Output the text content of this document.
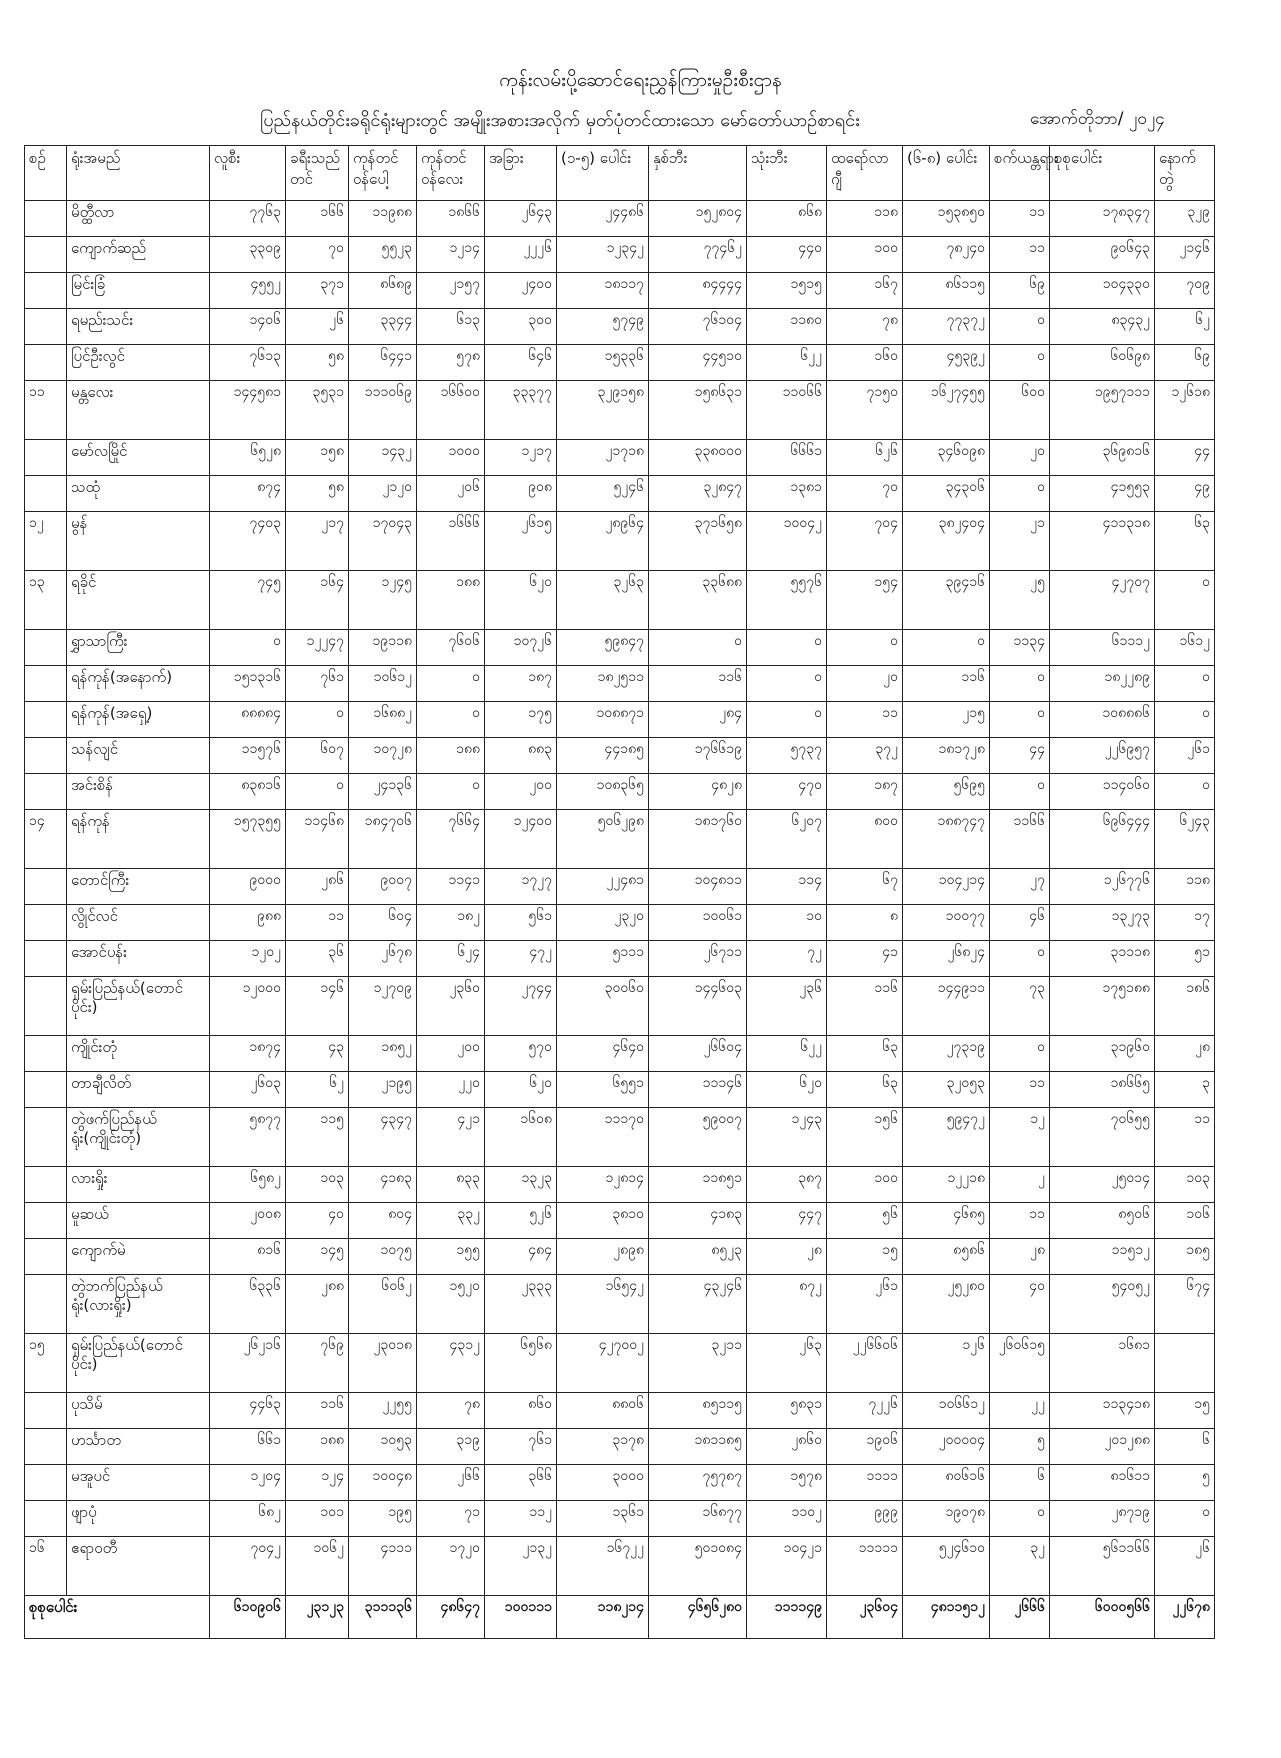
ကုန်းလမ်းပို့ဆောင်ရေးညွှန်ကြားမှုဦးစီးဌာန
ပြည်နယ်တိုင်းခရိုင်ရုံးများတွင် အမျိုးအစားအလိုက် မှတ်ပုံတင်ထားသော မော်တော်ယာဉ်စာရင်း	အောက်တိုဘာ/ ၂၀၂၄
စဉ်	ရုံးအမည်	လူစီး	ခရီးသည်တင်	ကုန်တင် ဝန်ပေါ့	ကုန်တင် ဝန်လေး	အခြား	(၁-၅) ပေါင်း	နှစ်ဘီး	သုံးဘီး	ထရော်လာဂျီ	(၆-၈) ပေါင်း	စက်ယန္တရား	စုစုပေါင်း	နောက်တွဲ
	မိတ္ထီလာ	၇၇၆၃	၁၆၆	၁၁၉၈၈	၁၈၆၆	၂၆၄၃	၂၄၄၈၆	၁၅၂၈၀၄	၈၆၈	၁၁၈	၁၅၃၈၅၀	၁၁	၁၇၈၃၄၇	၃၂၉
	ကျောက်ဆည်	၃၃၀၉	၇၀	၅၅၂၃	၁၂၁၄	၂၂၂၆	၁၂၃၄၂	၇၇၄၆၂	၄၄၀	၁၀၀	၇၈၂၄၀	၁၁	၉၀၆၄၃	၂၁၄၆
	မြင်းခြံ	၄၅၅၂	၃၇၁	၈၆၈၉	၂၁၅၇	၂၄၀၀	၁၈၁၁၇	၈၄၄၄၄	၁၅၁၅	၁၆၇	၈၆၁၁၅	၆၉	၁၀၄၃၃၀	၇၀၉
	ရမည်းသင်း	၁၄၀၆	၂၆	၃၃၄၄	၆၁၃	၃၀၀	၅၇၄၉	၇၆၁၀၄	၁၁၈၀	၇၈	၇၇၃၇၂	၀	၈၃၄၃၂	၆၂
	ပြင်ဦးလွင်	၇၆၁၃	၅၈	၆၄၄၁	၅၇၈	၆၄၆	၁၅၃၃၆	၄၄၅၁၀	၆၂၂	၁၆၀	၄၅၃၉၂	၀	၆၀၆၉၈	၆၉
၁၁	မန္တလေး	၁၄၄၅၈၁	၃၅၃၁	၁၁၁၀၆၉	၁၆၆၀၀	၃၃၃၇၇	၃၂၉၁၅၈	၁၅၈၆၃၁	၁၁၀၆၆	၇၁၅၀	၁၆၂၇၄၅၅	၆၀၀	၁၉၅၇၁၁၁	၁၂၆၁၈
	မော်လမြိုင်	၆၅၂၈	၁၅၈	၁၄၃၂	၁၀၀၀	၁၂၁၇	၂၁၇၁၈	၃၃၈၀၀၀	၆၆၆၁	၆၂၆	၃၄၆၀၉၈	၂၀	၃၆၉၈၁၆	၄၄
	သထုံ	၈၇၄	၅၈	၂၁၂၀	၂၀၆	၉၀၈	၅၂၄၆	၃၂၈၄၇	၁၃၈၁	၇၀	၃၄၃၀၆	၀	၄၁၅၅၃	၄၉
၁၂	မွန်	၇၄၀၃	၂၁၇	၁၇၀၄၃	၁၆၆၆	၂၆၁၅	၂၈၉၆၄	၃၇၁၆၅၈	၁၀၀၄၂	၇၀၄	၃၈၂၄၀၄	၂၁	၄၁၁၃၁၈	၆၃
၁၃	ရခိုင်	၇၄၅	၁၆၄	၁၂၄၅	၁၈၈	၆၂၀	၃၂၆၃	၃၃၆၈၈	၅၅၇၆	၁၅၄	၃၉၄၁၆	၂၅	၄၂၇၀၇	၀
	ရွှာသာကြီး	၀	၁၂၂၄၇	၁၉၁၁၈	၇၆၀၆	၁၀၇၂၆	၅၉၈၄၇	၀	၀	၀	၀	၁၁၃၄	၆၁၁၁၂	၁၆၁၂
	ရန်ကုန်(အနောက်)	၁၅၁၃၁၆	၇၆၁	၁၀၆၁၂	၀	၁၈၇	၁၈၂၅၁၁	၁၁၆	၀	၂၀	၁၁၆	၀	၁၈၂၂၈၉	၀
	ရန်ကုန်(အရှေ့)	၈၈၈၈၄	၀	၁၆၈၈၂	၀	၁၇၅	၁၀၈၈၇၁	၂၈၄	၀	၁၁	၂၁၅	၀	၁၀၈၈၈၆	၀
	သန်လျင်	၁၁၅၇၆	၆၀၇	၁၀၇၂၈	၁၈၈	၈၈၃	၄၄၁၈၅	၁၇၆၆၁၉	၅၇၃၇	၃၇၂	၁၈၁၇၂၈	၄၄	၂၂၆၉၅၇	၂၆၁
	အင်းစိန်	၈၃၈၁၆	၀	၂၄၁၃၆	၀	၂၀၀	၁၀၈၃၆၅	၄၈၂၈	၄၇၀	၁၈၇	၅၆၉၅	၀	၁၁၄၀၆၀	၀
၁၄	ရန်ကုန်	၁၅၇၃၅၅	၁၁၄၆၈	၁၈၄၇၀၆	၇၆၆၄	၁၂၄၀၀	၅၀၆၂၉၈	၁၈၁၇၆၀	၆၂၀၇	၈၀၀	၁၈၈၇၄၇	၁၁၆၆	၆၉၆၄၄၄	၆၂၄၃
	တောင်ကြီး	၉၀၀၀	၂၈၆	၉၀၀၇	၁၁၄၁	၁၇၂၇	၂၂၄၈၁	၁၀၄၈၁၁	၁၁၄	၆၇	၁၀၄၂၁၄	၂၇	၁၂၆၇၇၆	၁၁၈
	လွိုင်လင်	၉၈၈	၁၁	၆၀၄	၁၈၂	၅၆၁	၂၃၂၀	၁၀၀၆၁	၁၀	၈	၁၀၀၇၇	၄၆	၁၃၂၇၃	၁၇
	အောင်ပန်း	၁၂၀၂	၃၆	၂၆၇၈	၆၂၄	၄၇၂	၅၁၁၁	၂၆၇၁၁	၇၂	၄၁	၂၆၈၂၄	၀	၃၁၁၁၈	၅၁
	ရှမ်းပြည်နယ်(တောင်ပိုင်း)	၁၂၀၀၀	၁၄၆	၁၂၇၀၉	၂၃၆၀	၂၇၄၄	၃၀၀၆၀	၁၄၄၆၀၃	၂၃၆	၁၁၆	၁၄၄၉၁၁	၇၃	၁၇၅၁၈၈	၁၈၆
	ကျိုင်းတုံ	၁၈၇၄	၄၃	၁၈၅၂	၂၀၀	၅၇၀	၄၆၄၀	၂၆၆၀၄	၆၂၂	၆၃	၂၇၃၁၉	၀	၃၁၉၆၀	၂၈
	တာချီလိတ်	၂၆၀၃	၆၂	၂၁၉၅	၂၂၀	၆၂၀	၆၅၅၁	၁၁၁၄၆	၆၂၀	၆၃	၃၂၀၅၃	၁၁	၁၈၆၆၅	၃
	တွဲဖက်ပြည်နယ်ရုံး(ကျိုင်းတုံ)	၅၈၇၇	၁၁၅	၄၃၄၇	၄၂၁	၁၆၀၈	၁၁၁၇၀	၅၉၀၀၇	၁၂၄၃	၁၅၆	၅၉၄၇၂	၁၂	၇၀၆၅၅	၁၁
	လားရှိုး	၆၅၈၂	၁၀၃	၄၁၈၃	၈၃၃	၁၃၂၃	၁၂၈၁၄	၁၁၈၅၁	၃၈၇	၁၀၀	၁၂၂၁၈	၂	၂၅၀၁၄	၁၀၃
	မူဆယ်	၂၀၀၈	၄၀	၈၀၄	၃၃၂	၅၂၆	၃၈၁၀	၄၁၈၃	၄၄၇	၅၆	၄၆၈၅	၁၁	၈၅၀၆	၁၀၆
	ကျောက်မဲ	၈၁၆	၁၄၅	၁၀၇၅	၁၅၅	၄၈၄	၂၈၉၈	၈၅၂၃	၂၈	၁၅	၈၅၈၆	၂၈	၁၁၅၁၂	၁၈၅
	တွဲဘက်ပြည်နယ်ရုံး(လားရှိုး)	၆၃၃၆	၂၈၈	၆၀၆၂	၁၅၂၀	၂၃၃၃	၁၆၅၄၂	၄၃၂၄၆	၈၇၂	၂၆၁	၂၅၂၈၀	၄၀	၅၄၀၅၂	၆၇၄
၁၅	ရှမ်းပြည်နယ်(တောင်ပိုင်း)	၂၆၂၁၆	၇၆၉	၂၃၀၁၈	၄၃၁၂	၆၅၆၈	၄၂၇၀၀၂	၃၂၁၁	၂၆၃	၂၂၆၆၀၆	၁၂၆	၂၆၀၆၁၅	၁၆၈၁	
	ပုသိမ်	၄၄၆၃	၁၁၆	၂၂၅၅	၇၈	၈၆၀	၈၈၀၆	၈၅၁၁၅	၅၈၃၁	၇၂၂၆	၁၀၆၆၁၂	၂၂	၁၁၃၄၁၈	၁၅
	ဟင်္သာတ	၆၆၁	၁၈၈	၁၀၅၃	၃၁၉	၇၆၁	၃၁၇၈	၁၈၁၁၈၅	၂၈၆၀	၁၉၀၆	၂၀၀၀၀၄	၅	၂၀၁၂၈၈	၆
	မအူပင်	၁၂၀၄	၁၂၄	၁၀၀၄၈	၂၆၆	၃၆၆	၃၀၀၀	၇၅၇၈၇	၁၅၇၈	၁၁၁၁	၈၀၆၁၆	၆	၈၁၆၁၁	၅
	ဖျာပုံ	၆၈၂	၁၀၁	၁၉၅	၇၁	၁၁၂	၁၃၆၁	၁၆၈၇၇	၁၁၀၂	၉၉၉	၁၉၀၇၈	၀	၂၈၇၁၉	၀
၁၆	ဧရာဝတီ	၇၀၄၂	၁၀၆၂	၄၁၁၁	၁၇၂၀	၂၁၃၂	၁၆၇၂၂	၅၀၁၀၈၄	၁၀၄၂၁	၁၁၁၁၁	၅၂၄၆၁၀	၃၂	၅၆၁၁၆၆	၂၆
စုစုပေါင်း		၆၁၀၉၀၆	၂၃၁၂၃	၃၁၁၁၃၆	၄၈၆၄၇	၁၀၀၁၁၁	၁၁၈၂၁၄	၄၆၅၆၂၈၀	၁၁၁၁၄၉	၂၃၆၀၄	၄၈၁၁၅၁၂	၂၆၆၆	၆၀၀၀၅၆၆	၂၂၆၇၈
